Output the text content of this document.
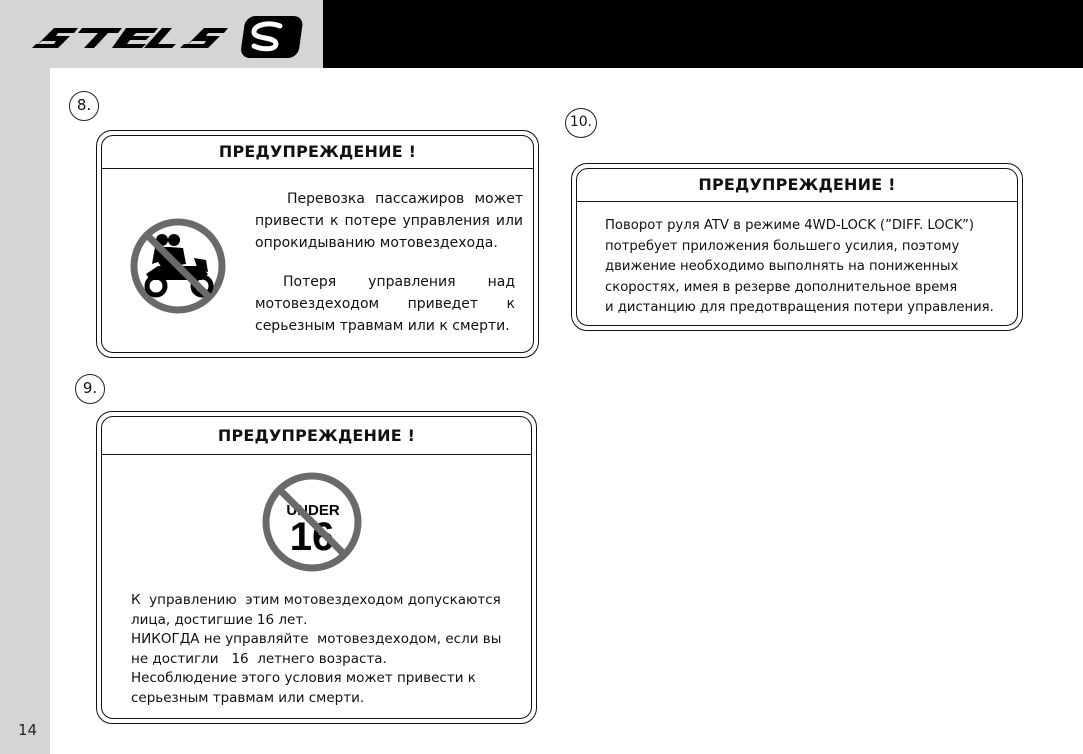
14
8.
ПРЕДУПРЕЖДЕНИЕ !
Перевозка пассажиров может привести к потере управления или опрокидыванию мотовездехода.
Потеря управления над мотовездеходом приведет к серьезным травмам или к смерти.
9.
ПРЕДУПРЕЖДЕНИЕ !
UNDER
16
К  управлению  этим мотовездеходом допускаются
лица, достигшие 16 лет.
НИКОГДА не управляйте  мотовездеходом, если вы
не достигли   16  летнего возраста.
Несоблюдение этого условия может привести к
серьезным травмам или смерти.
10.
ПРЕДУПРЕЖДЕНИЕ !
Поворот руля ATV в режиме 4WD-LOCK (”DIFF. LOCK”)
потребует приложения большего усилия, поэтому
движение необходимо выполнять на пониженных
скоростях, имея в резерве дополнительное время
и дистанцию для предотвращения потери управления.
